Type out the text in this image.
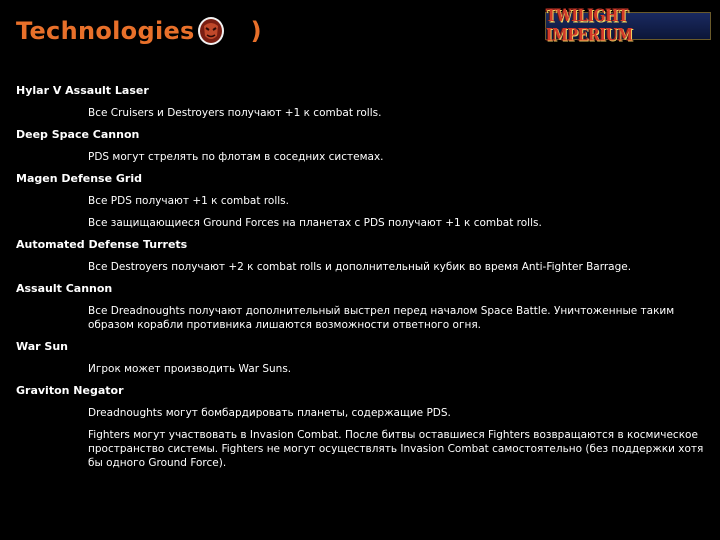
Technologies )
TWILIGHT IMPERIUM
Hylar V Assault Laser
Все Cruisers и Destroyers получают +1 к combat rolls.
Deep Space Cannon
PDS могут стрелять по флотам в соседних системах.
Magen Defense Grid
Все PDS получают +1 к combat rolls.
Все защищающиеся Ground Forces на планетах с PDS получают +1 к combat rolls.
Automated Defense Turrets
Все Destroyers получают +2 к combat rolls и дополнительный кубик во время Anti-Fighter Barrage.
Assault Cannon
Все Dreadnoughts получают дополнительный выстрел перед началом Space Battle. Уничтоженные таким образом корабли противника лишаются возможности ответного огня.
War Sun
Игрок может производить War Suns.
Graviton Negator
Dreadnoughts могут бомбардировать планеты, содержащие PDS.
Fighters могут участвовать в Invasion Combat. После битвы оставшиеся Fighters возвращаются в космическое пространство системы. Fighters не могут осуществлять Invasion Combat самостоятельно (без поддержки хотя бы одного Ground Force).
